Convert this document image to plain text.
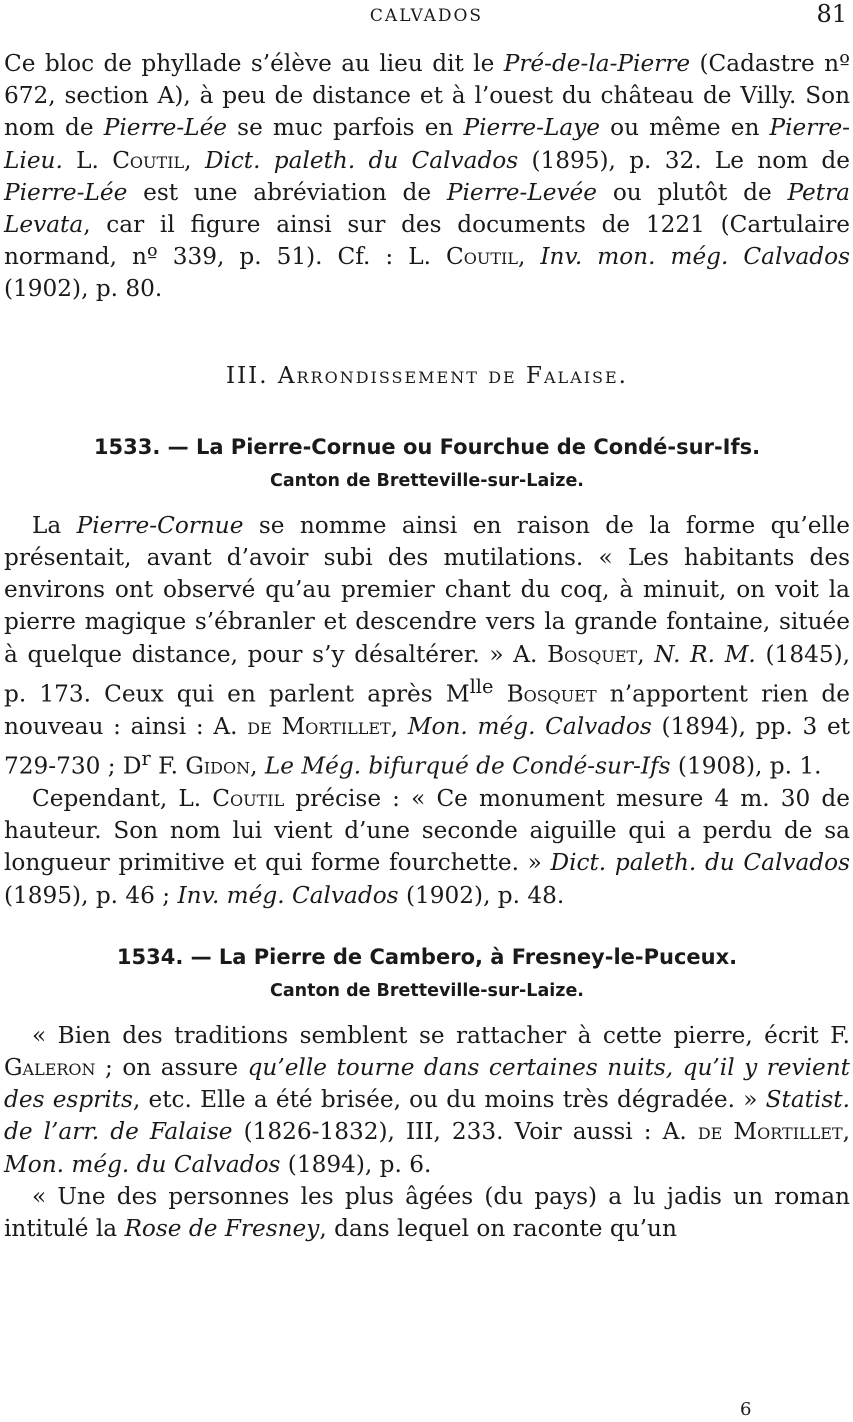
CALVADOS	81

Ce bloc de phyllade s’élève au lieu dit le Pré-de-la-Pierre (Cadastre nº 672, section A), à peu de distance et à l’ouest du château de Villy. Son nom de Pierre-Lée se muc parfois en Pierre-Laye ou même en Pierre-Lieu. L. Coutil, Dict. paleth. du Calvados (1895), p. 32. Le nom de Pierre-Lée est une abréviation de Pierre-Levée ou plutôt de Petra Levata, car il figure ainsi sur des documents de 1221 (Cartulaire normand, nº 339, p. 51). Cf. : L. Coutil, Inv. mon. még. Calvados (1902), p. 80.

III. Arrondissement de Falaise.
1533. — La Pierre-Cornue ou Fourchue de Condé-sur-Ifs.
Canton de Bretteville-sur-Laize.

La Pierre-Cornue se nomme ainsi en raison de la forme qu’elle présentait, avant d’avoir subi des mutilations. « Les habitants des environs ont observé qu’au premier chant du coq, à minuit, on voit la pierre magique s’ébranler et descendre vers la grande fontaine, située à quelque distance, pour s’y désaltérer. » A. Bosquet, N. R. M. (1845), p. 173. Ceux qui en parlent après $M^{lle}$ Bosquet n’apportent rien de nouveau : ainsi : A. de Mortillet, Mon. még. Calvados (1894), pp. 3 et 729-730 ; $D^r$ F. Gidon, Le Még. bifurqué de Condé-sur-Ifs (1908), p. 1.

Cependant, L. Coutil précise : « Ce monument mesure 4 m. 30 de hauteur. Son nom lui vient d’une seconde aiguille qui a perdu de sa longueur primitive et qui forme fourchette. » Dict. paleth. du Calvados (1895), p. 46 ; Inv. még. Calvados (1902), p. 48.

1534. — La Pierre de Cambero, à Fresney-le-Puceux.
Canton de Bretteville-sur-Laize.

« Bien des traditions semblent se rattacher à cette pierre, écrit F. Galeron ; on assure qu’elle tourne dans certaines nuits, qu’il y revient des esprits, etc. Elle a été brisée, ou du moins très dégradée. » Statist. de l’arr. de Falaise (1826-1832), III, 233. Voir aussi : A. de Mortillet, Mon. még. du Calvados (1894), p. 6.

« Une des personnes les plus âgées (du pays) a lu jadis un roman intitulé la Rose de Fresney, dans lequel on raconte qu’un

6
